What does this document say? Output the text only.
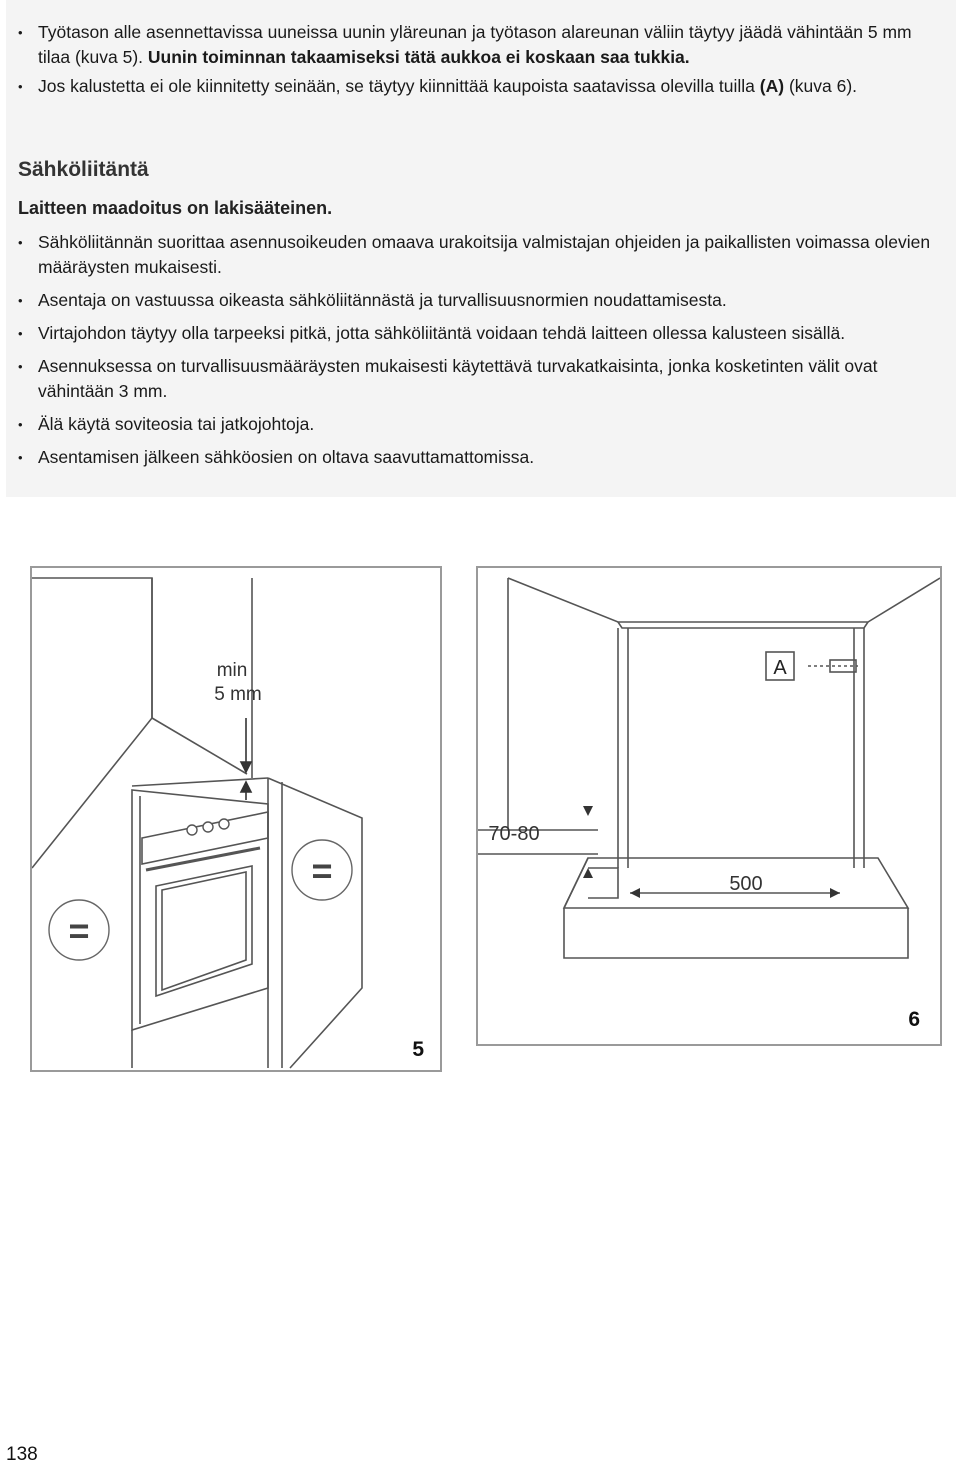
• Työtason alle asennettavissa uuneissa uunin yläreunan ja työtason alareunan väliin täytyy jäädä vähintään 5 mm tilaa (kuva 5). Uunin toiminnan takaamiseksi tätä aukkoa ei koskaan saa tukkia.
• Jos kalustetta ei ole kiinnitetty seinään, se täytyy kiinnittää kaupoista saatavissa olevilla tuilla (A) (kuva 6).
Sähköliitäntä
Laitteen maadoitus on lakisääteinen.
• Sähköliitännän suorittaa asennusoikeuden omaava urakoitsija valmistajan ohjeiden ja paikallisten voimassa olevien määräysten mukaisesti.
• Asentaja on vastuussa oikeasta sähköliitännästä ja turvallisuusnormien noudattamisesta.
• Virtajohdon täytyy olla tarpeeksi pitkä, jotta sähköliitäntä voidaan tehdä laitteen ollessa kalusteen sisällä.
• Asennuksessa on turvallisuusmääräysten mukaisesti käytettävä turvakatkaisinta, jonka kosketinten välit ovat vähintään 3 mm.
• Älä käytä soviteosia tai jatkojohtoja.
• Asentamisen jälkeen sähköosien on oltava saavuttamattomissa.
min
5 mm
=
=
5
A
70-80
500
6
138
